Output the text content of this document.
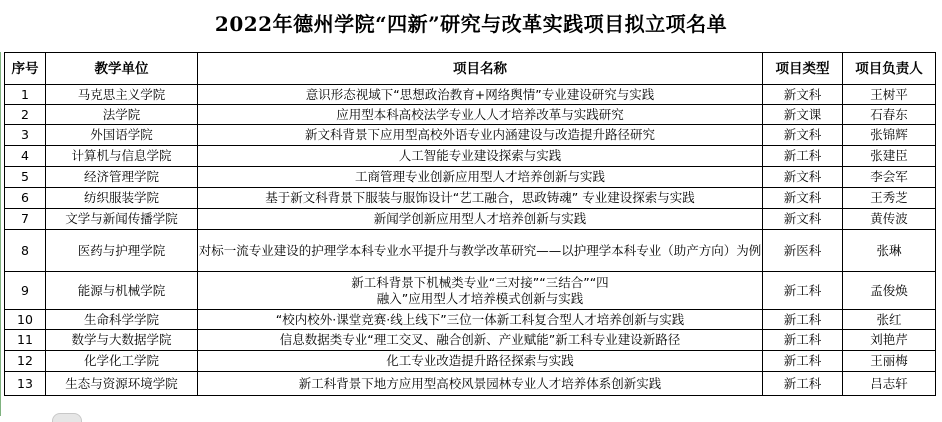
2022年德州学院“四新”研究与改革实践项目拟立项名单
序号	教学单位	项目名称	项目类型	项目负责人
1	马克思主义学院	意识形态视域下“思想政治教育+网络舆情”专业建设研究与实践	新文科	王树平
2	法学院	应用型本科高校法学专业人人才培养改革与实践研究	新文课	石春东
3	外国语学院	新文科背景下应用型高校外语专业内涵建设与改造提升路径研究	新文科	张锦辉
4	计算机与信息学院	人工智能专业建设探索与实践	新工科	张建臣
5	经济管理学院	工商管理专业创新应用型人才培养创新与实践	新文科	李会军
6	纺织服装学院	基于新文科背景下服装与服饰设计“艺工融合，思政铸魂” 专业建设探索与实践	新文科	王秀芝
7	文学与新闻传播学院	新闻学创新应用型人才培养创新与实践	新文科	黄传波
8	医药与护理学院	对标一流专业建设的护理学本科专业水平提升与教学改革研究——以护理学本科专业（助产方向）为例	新医科	张琳
9	能源与机械学院	新工科背景下机械类专业“三对接”“三结合”“四融入”应用型人才培养模式创新与实践	新工科	孟俊焕
10	生命科学学院	“校内校外·课堂竞赛·线上线下”三位一体新工科复合型人才培养创新与实践	新工科	张红
11	数学与大数据学院	信息数据类专业“理工交叉、融合创新、产业赋能”新工科专业建设新路径	新工科	刘艳芹
12	化学化工学院	化工专业改造提升路径探索与实践	新工科	王丽梅
13	生态与资源环境学院	新工科背景下地方应用型高校风景园林专业人才培养体系创新实践	新工科	吕志轩
